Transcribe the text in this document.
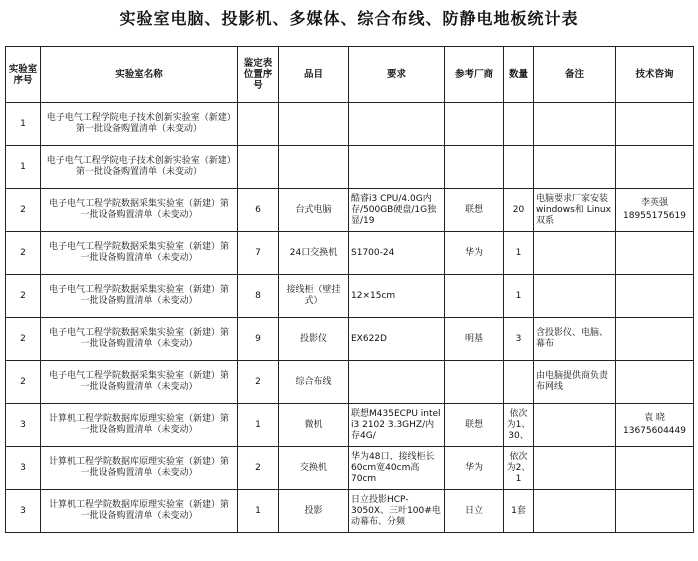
实验室电脑、投影机、多媒体、综合布线、防静电地板统计表
实验室序号	实验室名称	鉴定表位置序号	品目	要求	参考厂商	数量	备注	技术咨询
1	电子电气工程学院电子技术创新实验室（新建）第一批设备购置清单（未变动）							
1	电子电气工程学院电子技术创新实验室（新建）第一批设备购置清单（未变动）							
2	电子电气工程学院数据采集实验室（新建）第一批设备购置清单（未变动）	6	台式电脑	酷睿i3 CPU/4.0G内存/500GB硬盘/1G独显/19	联想	20	电脑要求厂家安装windows和 Linux双系	李英强 18955175619
2	电子电气工程学院数据采集实验室（新建）第一批设备购置清单（未变动）	7	24口交换机	S1700-24	华为	1		
2	电子电气工程学院数据采集实验室（新建）第一批设备购置清单（未变动）	8	接线柜（壁挂式）	12×15cm		1		
2	电子电气工程学院数据采集实验室（新建）第一批设备购置清单（未变动）	9	投影仪	EX622D	明基	3	含投影仪、电脑、幕布	
2	电子电气工程学院数据采集实验室（新建）第一批设备购置清单（未变动）	2	综合布线				由电脑提供商负责布网线	
3	计算机工程学院数据库原理实验室（新建）第一批设备购置清单（未变动）	1	微机	联想M435ECPU intel i3 2102 3.3GHZ/内存4G/	联想	依次为1、30、		袁 晓 13675604449
3	计算机工程学院数据库原理实验室（新建）第一批设备购置清单（未变动）	2	交换机	华为48口、接线柜长60cm宽40cm高70cm	华为	依次为2、1		
3	计算机工程学院数据库原理实验室（新建）第一批设备购置清单（未变动）	1	投影	日立投影HCP-3050X、三叶100#电动幕布、分频	日立	1套		
